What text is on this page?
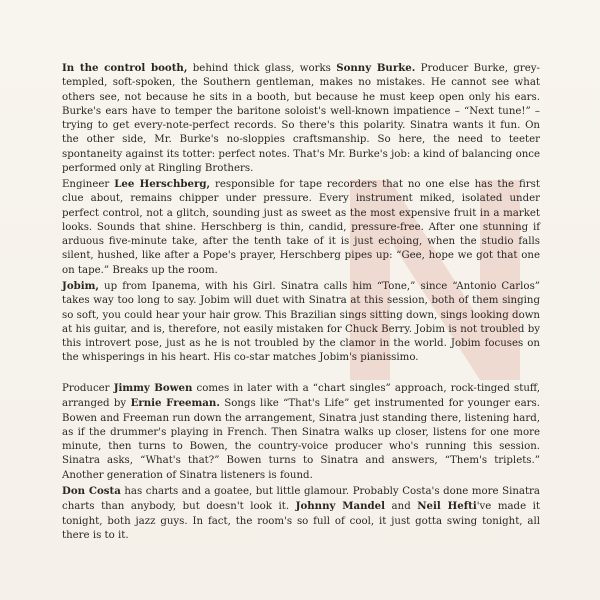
In the control booth, behind thick glass, works Sonny Burke. Producer Burke, grey-templed, soft-spoken, the Southern gentleman, makes no mistakes. He cannot see what others see, not because he sits in a booth, but because he must keep open only his ears. Burke's ears have to temper the baritone soloist's well-known impatience – “Next tune!” – trying to get every-note-perfect records. So there's this polarity. Sinatra wants it fun. On the other side, Mr. Burke's no-sloppies craftsmanship. So here, the need to teeter spontaneity against its totter: perfect notes. That's Mr. Burke's job: a kind of balancing once performed only at Ringling Brothers.
Engineer Lee Herschberg, responsible for tape recorders that no one else has the first clue about, remains chipper under pressure. Every instrument miked, isolated under perfect control, not a glitch, sounding just as sweet as the most expensive fruit in a market looks. Sounds that shine. Herschberg is thin, candid, pressure-free. After one stunning if arduous five-minute take, after the tenth take of it is just echoing, when the studio falls silent, hushed, like after a Pope's prayer, Herschberg pipes up: “Gee, hope we got that one on tape.” Breaks up the room.
Jobim, up from Ipanema, with his Girl. Sinatra calls him “Tone,” since “Antonio Carlos” takes way too long to say. Jobim will duet with Sinatra at this session, both of them singing so soft, you could hear your hair grow. This Brazilian sings sitting down, sings looking down at his guitar, and is, therefore, not easily mistaken for Chuck Berry. Jobim is not troubled by this introvert pose, just as he is not troubled by the clamor in the world. Jobim focuses on the whisperings in his heart. His co-star matches Jobim's pianissimo.
Producer Jimmy Bowen comes in later with a “chart singles” approach, rock-tinged stuff, arranged by Ernie Freeman. Songs like “That's Life” get instrumented for younger ears. Bowen and Freeman run down the arrangement, Sinatra just standing there, listening hard, as if the drummer's playing in French. Then Sinatra walks up closer, listens for one more minute, then turns to Bowen, the country-voice producer who's running this session. Sinatra asks, “What's that?” Bowen turns to Sinatra and answers, “Them's triplets.” Another generation of Sinatra listeners is found.
Don Costa has charts and a goatee, but little glamour. Probably Costa's done more Sinatra charts than anybody, but doesn't look it. Johnny Mandel and Neil Hefti've made it tonight, both jazz guys. In fact, the room's so full of cool, it just gotta swing tonight, all there is to it.
